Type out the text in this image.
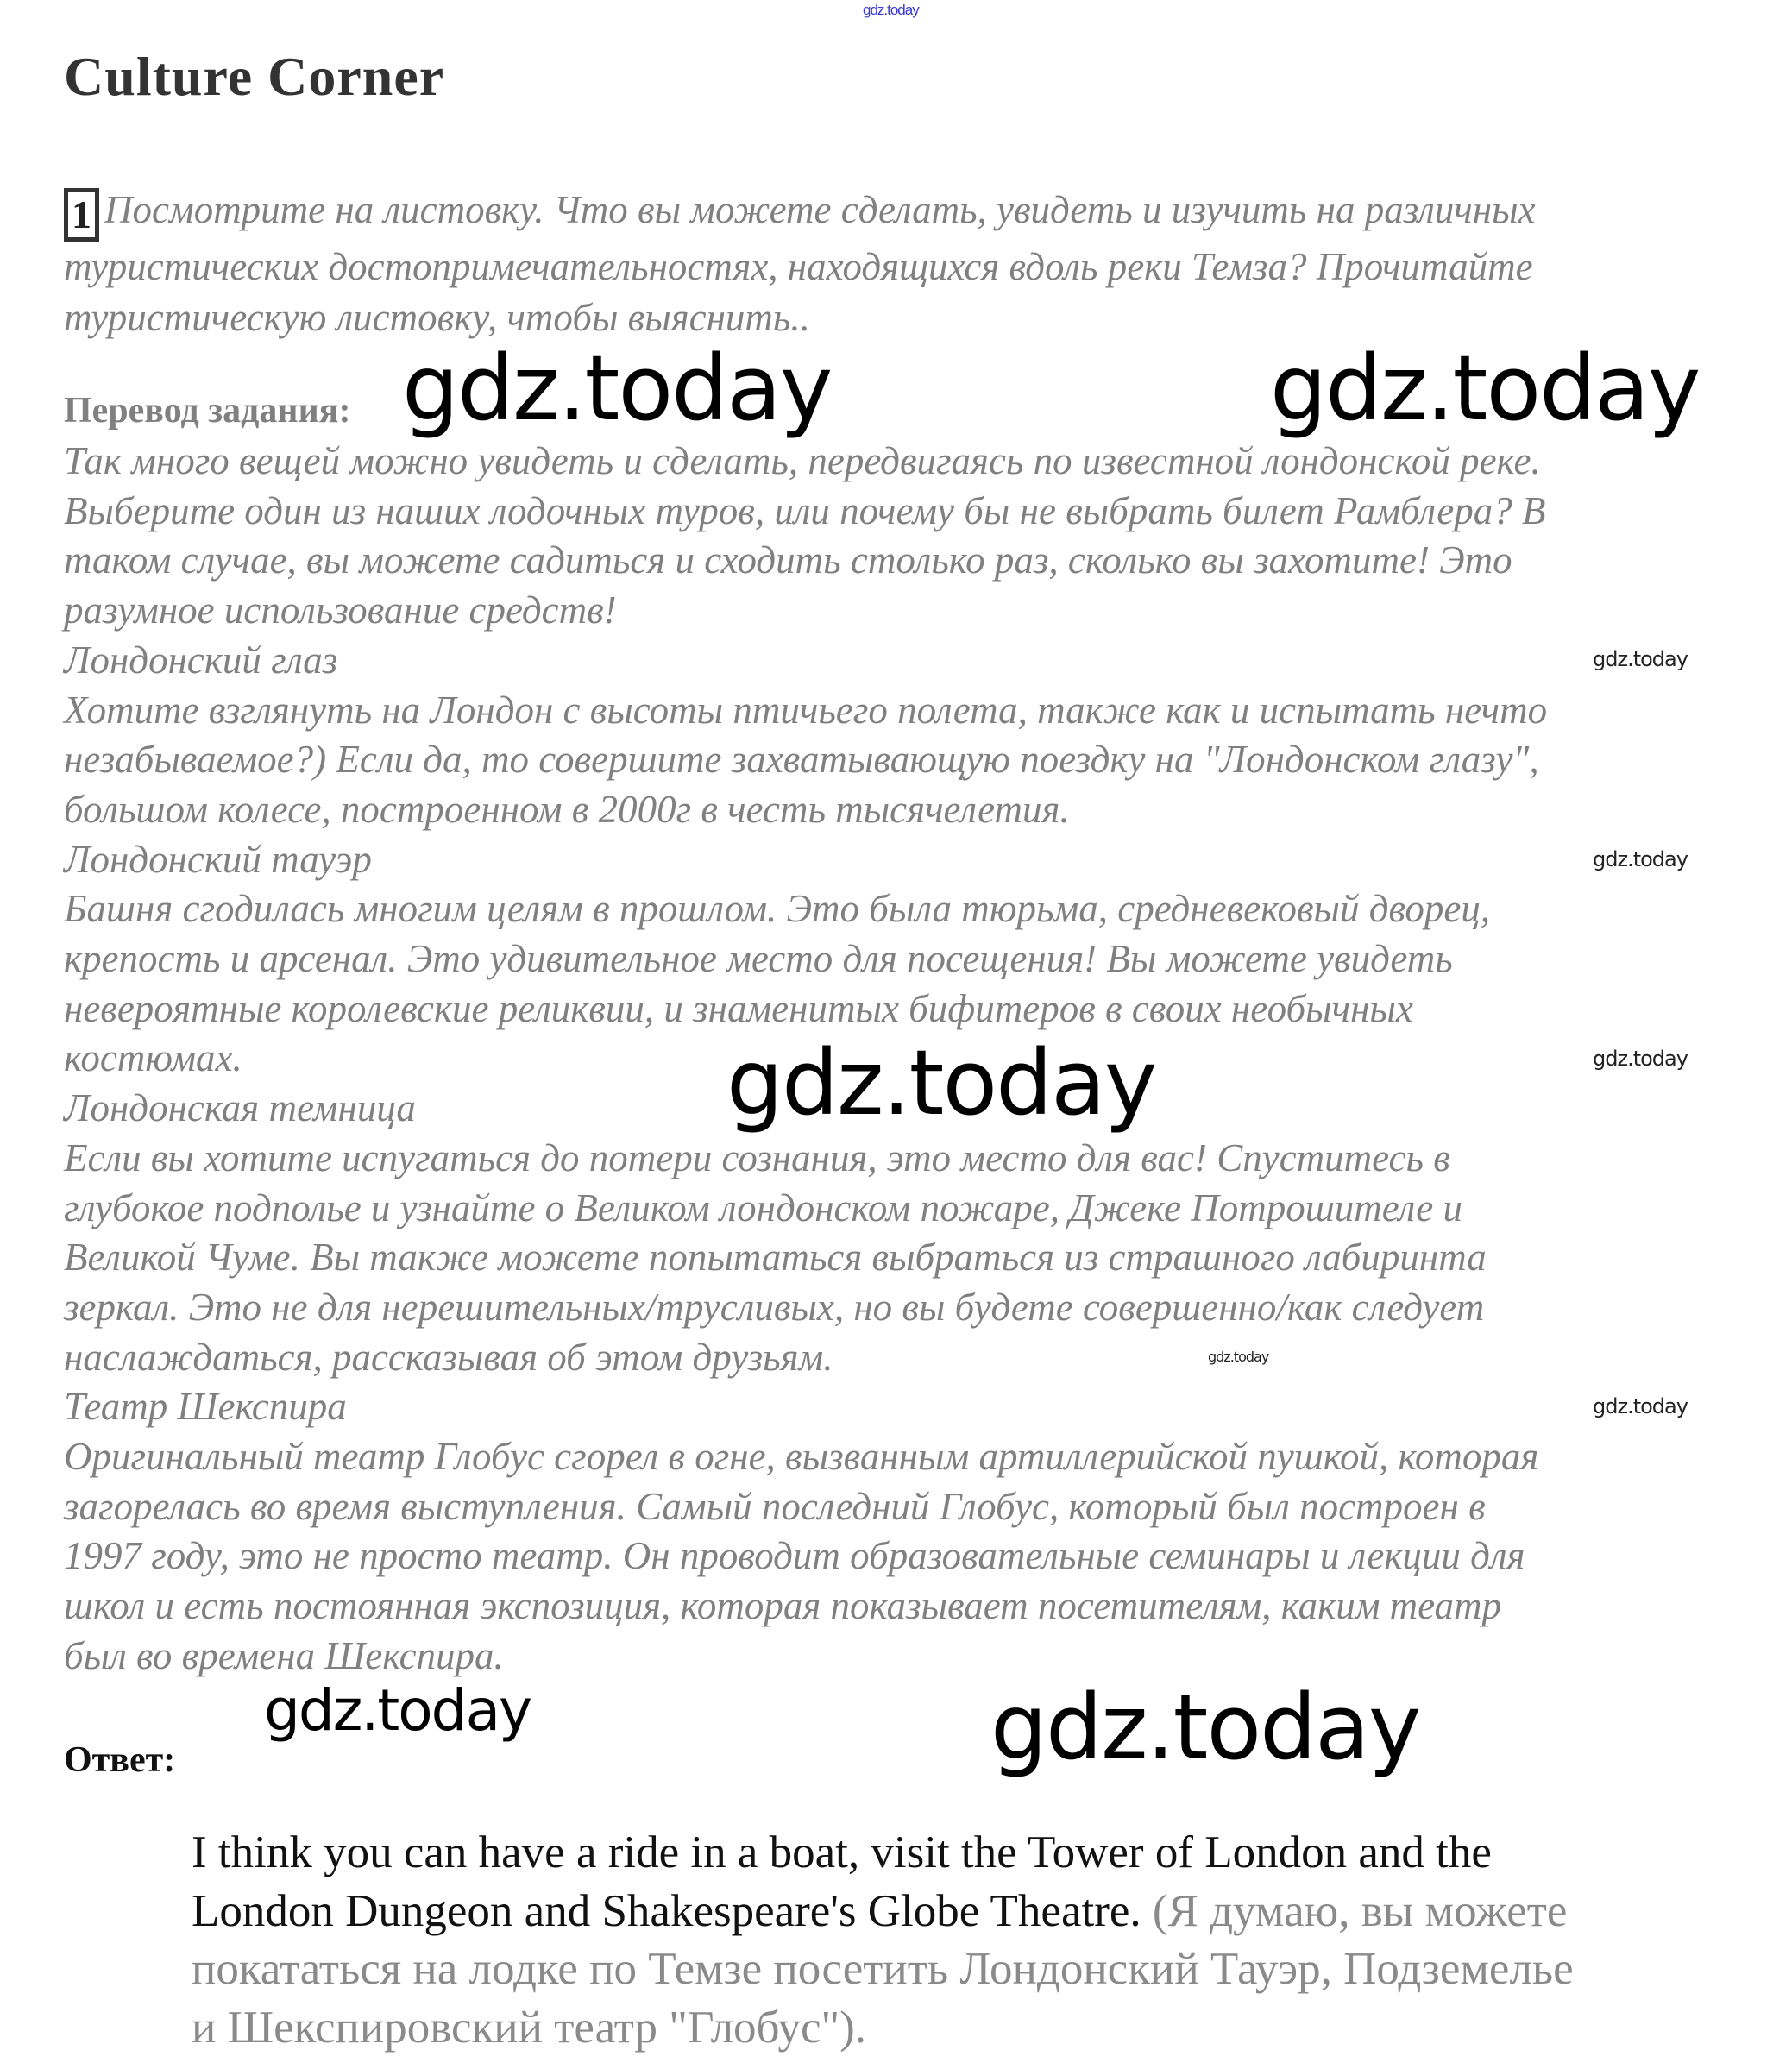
gdz.today
Culture Corner
1 Посмотрите на листовку. Что вы можете сделать, увидеть и изучить на различных
туристических достопримечательностях, находящихся вдоль реки Темза? Прочитайте
туристическую листовку, чтобы выяснить..
Перевод задания:
Так много вещей можно увидеть и сделать, передвигаясь по известной лондонской реке.
Выберите один из наших лодочных туров, или почему бы не выбрать билет Рамблера? В
таком случае, вы можете садиться и сходить столько раз, сколько вы захотите! Это
разумное использование средств!
Лондонский глаз
Хотите взглянуть на Лондон с высоты птичьего полета, также как и испытать нечто
незабываемое?) Если да, то совершите захватывающую поездку на "Лондонском глазу",
большом колесе, построенном в 2000г в честь тысячелетия.
Лондонский тауэр
Башня сгодилась многим целям в прошлом. Это была тюрьма, средневековый дворец,
крепость и арсенал. Это удивительное место для посещения! Вы можете увидеть
невероятные королевские реликвии, и знаменитых бифитеров в своих необычных
костюмах.
Лондонская темница
Если вы хотите испугаться до потери сознания, это место для вас! Спуститесь в
глубокое подполье и узнайте о Великом лондонском пожаре, Джеке Потрошителе и
Великой Чуме. Вы также можете попытаться выбраться из страшного лабиринта
зеркал. Это не для нерешительных/трусливых, но вы будете совершенно/как следует
наслаждаться, рассказывая об этом друзьям.
Театр Шекспира
Оригинальный театр Глобус сгорел в огне, вызванным артиллерийской пушкой, которая
загорелась во время выступления. Самый последний Глобус, который был построен в
1997 году, это не просто театр. Он проводит образовательные семинары и лекции для
школ и есть постоянная экспозиция, которая показывает посетителям, каким театр
был во времена Шекспира.
Ответ:
I think you can have a ride in a boat, visit the Tower of London and the
London Dungeon and Shakespeare's Globe Theatre. (Я думаю, вы можете
покататься на лодке по Темзе посетить Лондонский Тауэр, Подземелье
и Шекспировский театр "Глобус").
gdz.today	gdz.today
gdz.today
gdz.today
gdz.today
gdz.today
gdz.today
gdz.today
gdz.today
gdz.today
